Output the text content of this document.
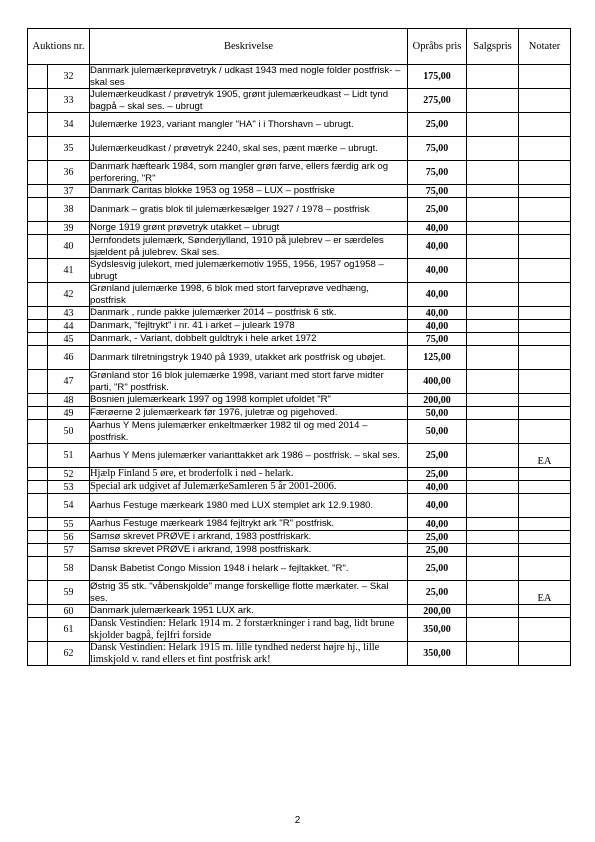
Auktions nr.		Beskrivelse	Opråbs pris	Salgspris	Notater
	32	Danmark julemærkeprøvetryk / udkast 1943 med nogle folder postfrisk- – skal ses	175,00		
	33	Julemærkeudkast / prøvetryk 1905, grønt julemærkeudkast – Lidt tynd bagpå – skal ses. – ubrugt	275,00		
	34	Julemærke 1923, variant mangler "HA" i i Thorshavn – ubrugt.	25,00		
	35	Julemærkeudkast / prøvetryk 2240, skal ses, pænt mærke – ubrugt.	75,00		
	36	Danmark hæfteark 1984, som mangler grøn farve, ellers færdig ark og perforering, "R"	75,00		
	37	Danmark Caritas blokke 1953 og 1958 – LUX – postfriske	75,00		
	38	Danmark – gratis blok til julemærkesælger 1927 / 1978 – postfrisk	25,00		
	39	Norge 1919 grønt prøvetryk utakket – ubrugt	40,00		
	40	Jernfondets julemærk, Sønderjylland, 1910 på julebrev – er særdeles sjældent på julebrev. Skal ses.	40,00		
	41	Sydslesvig julekort, med julemærkemotiv 1955, 1956, 1957 og1958 – ubrugt	40,00		
	42	Grønland julemærke 1998, 6 blok med stort farveprøve vedhæng, postfrisk	40,00		
	43	Danmark , runde pakke julemærker 2014 – postfrisk 6 stk.	40,00		
	44	Danmark, "fejltrykt" i nr. 41 i arket – juleark 1978	40,00		
	45	Danmark, - Variant, dobbelt guldtryk i hele arket 1972	75,00		
	46	Danmark tilretningstryk 1940 på 1939, utakket ark postfrisk og ubøjet.	125,00		
	47	Grønland stor 16 blok julemærke 1998, variant med stort farve midter parti, "R" postfrisk.	400,00		
	48	Bosnien julemærkeark 1997 og 1998 komplet ufoldet "R"	200,00		
	49	Færøerne 2 julemærkeark før 1976, juletræ og pigehoved.	50,00		
	50	Aarhus Y Mens julemærker enkeltmærker 1982 til og med 2014 – postfrisk.	50,00		
	51	Aarhus Y Mens julemærker varianttakket ark 1986 – postfrisk. – skal ses.	25,00		EA
	52	Hjælp Finland 5 øre, et broderfolk i nød - helark.	25,00		
	53	Special ark udgivet af JulemærkeSamleren 5 år 2001-2006.	40,00		
	54	Aarhus Festuge mærkeark 1980 med LUX stemplet ark 12.9.1980.	40,00		
	55	Aarhus Festuge mærkeark 1984 fejltrykt ark "R" postfrisk.	40,00		
	56	Samsø skrevet PRØVE i arkrand, 1983 postfriskark.	25,00		
	57	Samsø skrevet PRØVE i arkrand, 1998 postfriskark.	25,00		
	58	Dansk Babetist Congo Mission 1948 i helark – fejltakket. "R".	25,00		
	59	Østrig 35 stk. "våbenskjolde" mange forskellige flotte mærkater. – Skal ses.	25,00		EA
	60	Danmark julemærkeark 1951 LUX ark.	200,00		
	61	Dansk Vestindien: Helark 1914 m. 2 forstærkninger i rand bag, lidt brune skjolder bagpå, fejlfri forside	350,00		
	62	Dansk Vestindien: Helark 1915 m. lille tyndhed nederst højre hj., lille limskjold v. rand ellers et fint postfrisk ark!	350,00		
2
